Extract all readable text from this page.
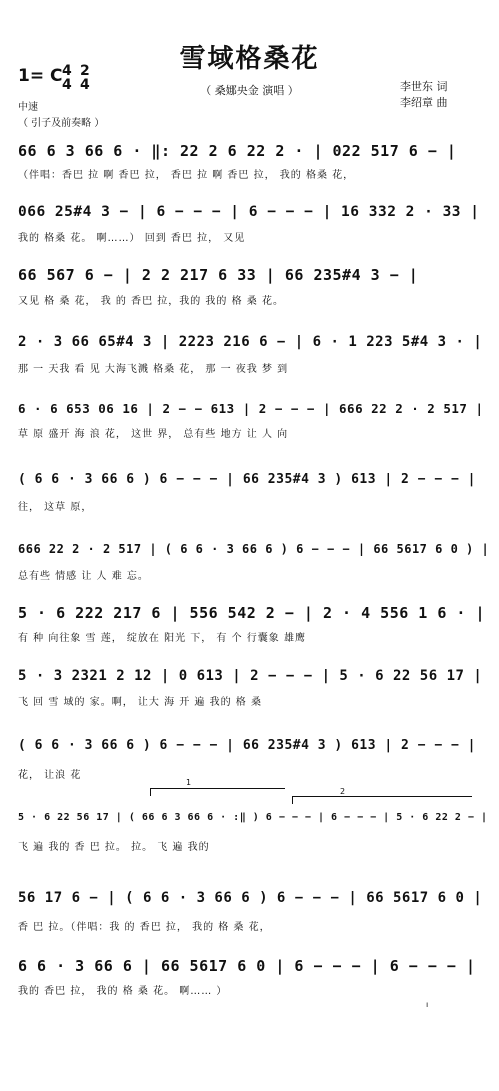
雪域格桑花
（ 桑娜央金 演唱 ）	李世东 词
李绍章 曲
1= C 4
4
2
4
中速
（ 引子及前奏略 ）
66 6 3 66 6 · ‖: 22 2 6 22 2 · | 022 517 6 − |
（伴唱：香巴 拉 啊 香巴 拉， 香巴 拉 啊 香巴 拉， 我的 格桑 花，
066 25#4 3 − | 6 − − − | 6 − − − | 16 332 2 · 33 |
我的 格桑 花。 啊……） 回到 香巴 拉， 又见
66 567 6 − | 2 2 217 6 33 | 66 235#4 3 − |
又见 格 桑 花， 我 的 香巴 拉，我的 我的 格 桑 花。
2 · 3 66 65#4 3 | 2223 216 6 − | 6 · 1 223 5#4 3 · |
那 一 天我 看 见 大海飞溅 格桑 花， 那 一 夜我 梦 到
6 · 6 653 06 16 | 2 − − 613 | 2 − − − | 666 22 2 · 2 517 |
草 原 盛开 海 浪 花， 这世 界， 总有些 地方 让 人 向
( 6 6 · 3 66 6 ) 6 − − − | 66 235#4 3 ) 613 | 2 − − − |
往， 这草 原，
666 22 2 · 2 517 | ( 6 6 · 3 66 6 ) 6 − − − | 66 5617 6 0 ) |
总有些 情感 让 人 难 忘。
5 · 6 222 217 6 | 556 542 2 − | 2 · 4 556 1 6 · |
有 种 向往象 雪 莲， 绽放在 阳光 下， 有 个 行囊象 雄鹰
5 · 3 2321 2 12 | 0 613 | 2 − − − | 5 · 6 22 56 17 |
飞 回 雪 域的 家。啊， 让大 海 开 遍 我的 格 桑
( 6 6 · 3 66 6 ) 6 − − − | 66 235#4 3 ) 613 | 2 − − − |
花， 让浪 花
1
2
5 · 6 22 56 17 | ( 66 6 3 66 6 · :‖ ) 6 − − − | 6 − − − | 5 · 6 22 2 − |
飞 遍 我的 香 巴 拉。 拉。 飞 遍 我的
56 17 6 − | ( 6 6 · 3 66 6 ) 6 − − − | 66 5617 6 0 |
香 巴 拉。（伴唱：我 的 香巴 拉， 我的 格 桑 花，
6 6 · 3 66 6 | 66 5617 6 0 | 6 − − − | 6 − − − |
我的 香巴 拉， 我的 格 桑 花。 啊…… ）
ı
